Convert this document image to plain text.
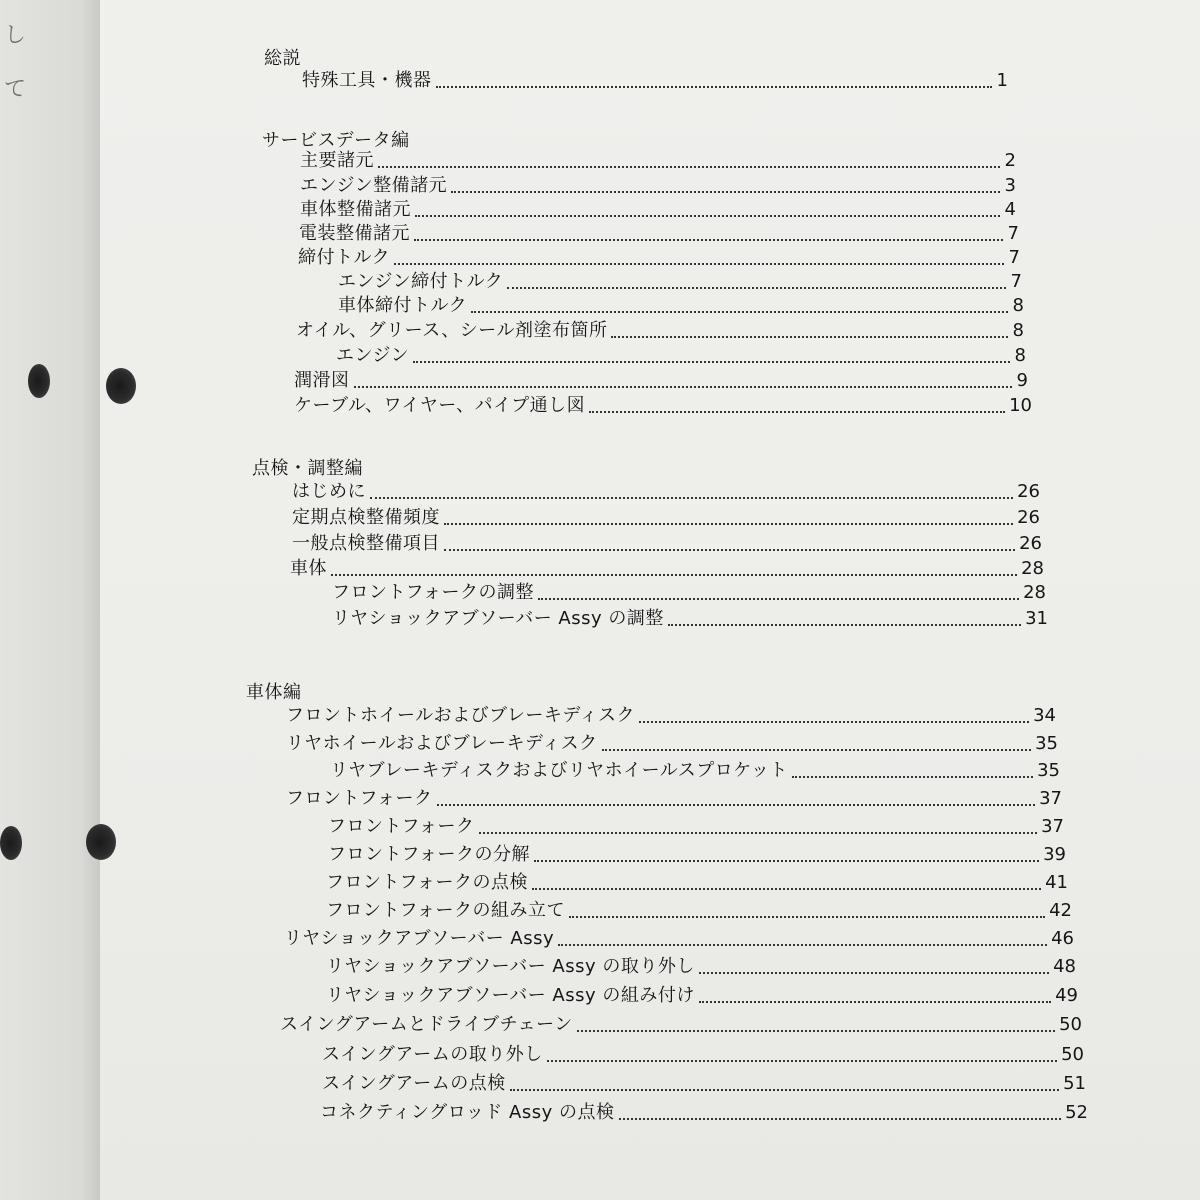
し
て
総説
特殊工具・機器	1
サービスデータ編
主要諸元	2
エンジン整備諸元	3
車体整備諸元	4
電装整備諸元	7
締付トルク	7
エンジン締付トルク	7
車体締付トルク	8
オイル、グリース、シール剤塗布箇所	8
エンジン	8
潤滑図	9
ケーブル、ワイヤー、パイプ通し図	10
点検・調整編
はじめに	26
定期点検整備頻度	26
一般点検整備項目	26
車体	28
フロントフォークの調整	28
リヤショックアブソーバー Assy の調整	31
車体編
フロントホイールおよびブレーキディスク	34
リヤホイールおよびブレーキディスク	35
リヤブレーキディスクおよびリヤホイールスプロケット	35
フロントフォーク	37
フロントフォーク	37
フロントフォークの分解	39
フロントフォークの点検	41
フロントフォークの組み立て	42
リヤショックアブソーバー Assy	46
リヤショックアブソーバー Assy の取り外し	48
リヤショックアブソーバー Assy の組み付け	49
スイングアームとドライブチェーン	50
スイングアームの取り外し	50
スイングアームの点検	51
コネクティングロッド Assy の点検	52
